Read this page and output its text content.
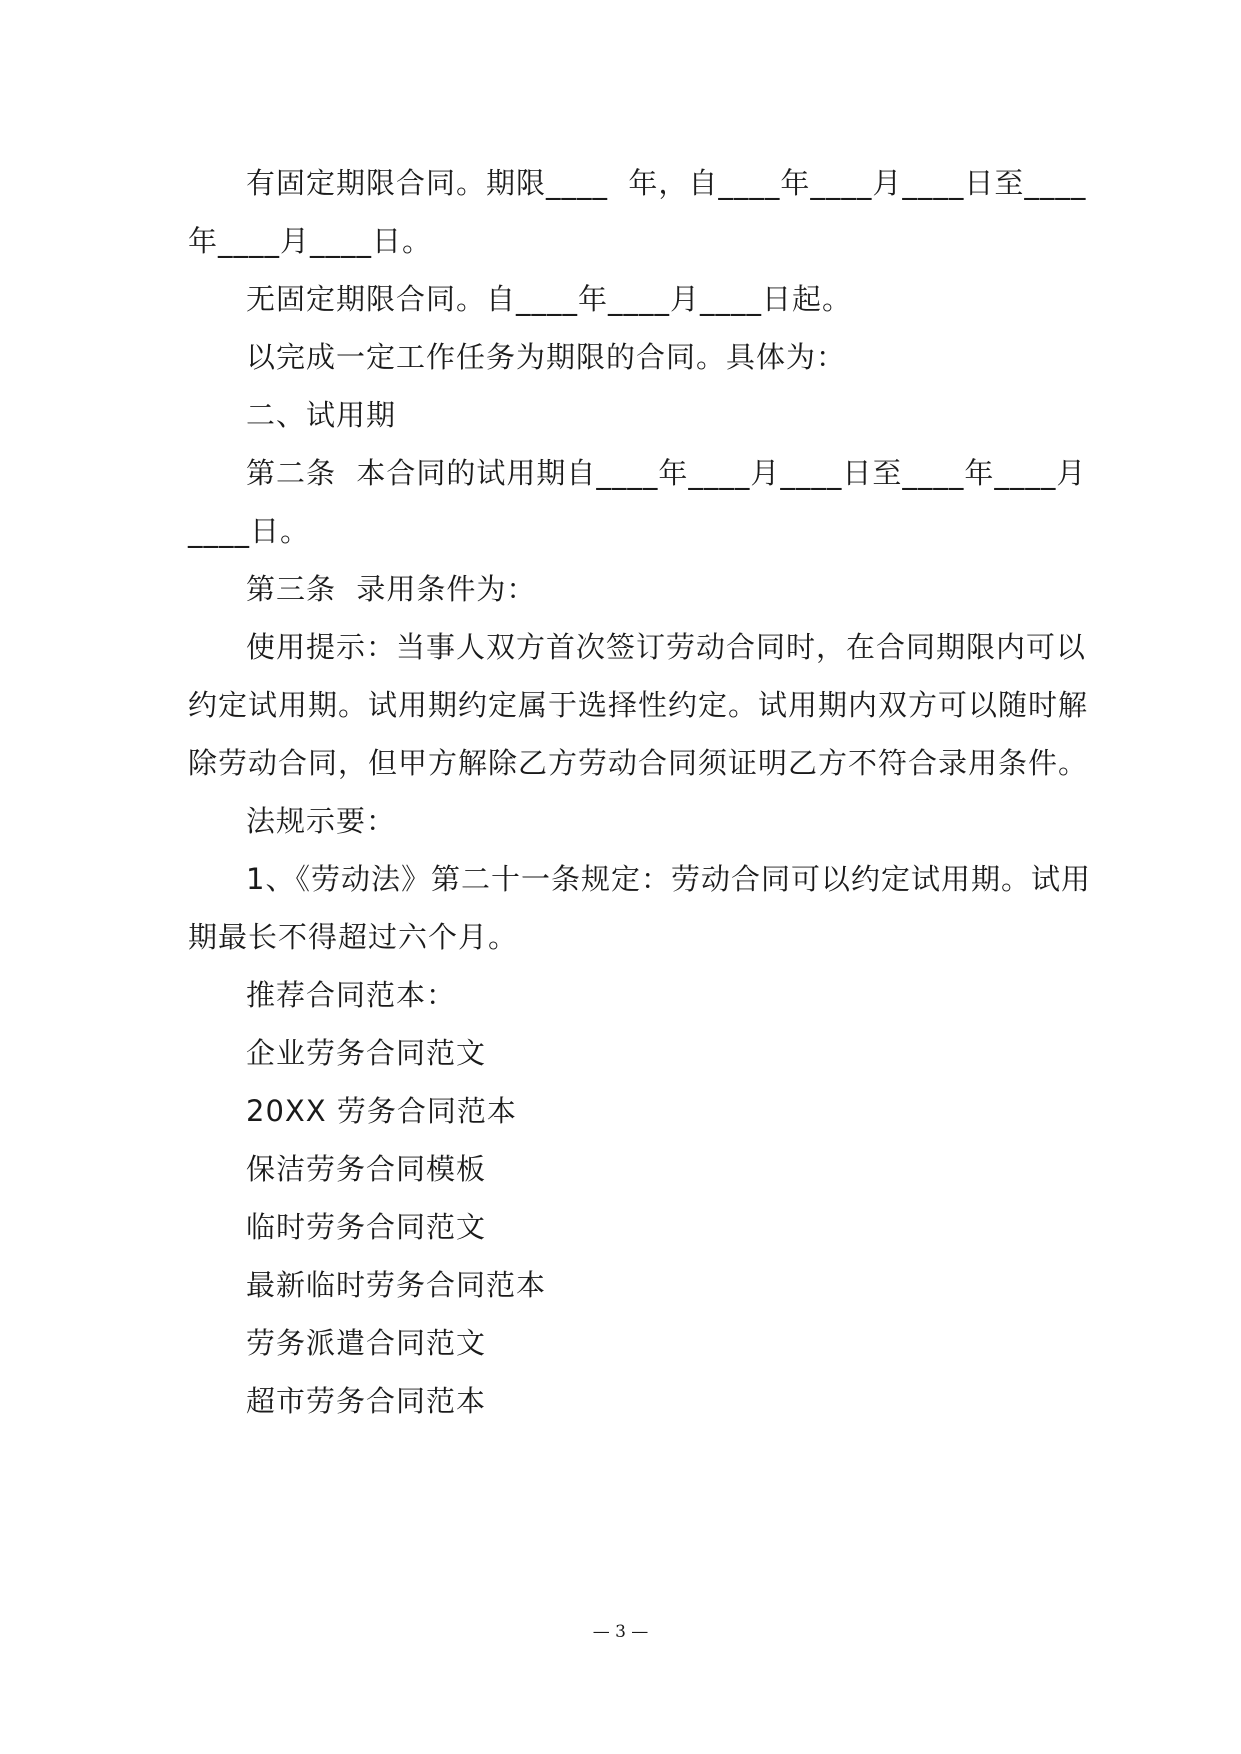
有固定期限合同。期限____  年，自____年____月____日至____
年____月____日。
无固定期限合同。自____年____月____日起。
以完成一定工作任务为期限的合同。具体为：
二、试用期
第二条  本合同的试用期自____年____月____日至____年____月
____日。
第三条  录用条件为：
使用提示：当事人双方首次签订劳动合同时，在合同期限内可以
约定试用期。试用期约定属于选择性约定。试用期内双方可以随时解
除劳动合同，但甲方解除乙方劳动合同须证明乙方不符合录用条件。
法规示要：
1、《劳动法》第二十一条规定：劳动合同可以约定试用期。试用
期最长不得超过六个月。
推荐合同范本：
企业劳务合同范文
20XX 劳务合同范本
保洁劳务合同模板
临时劳务合同范文
最新临时劳务合同范本
劳务派遣合同范文
超市劳务合同范本
— 3 —
